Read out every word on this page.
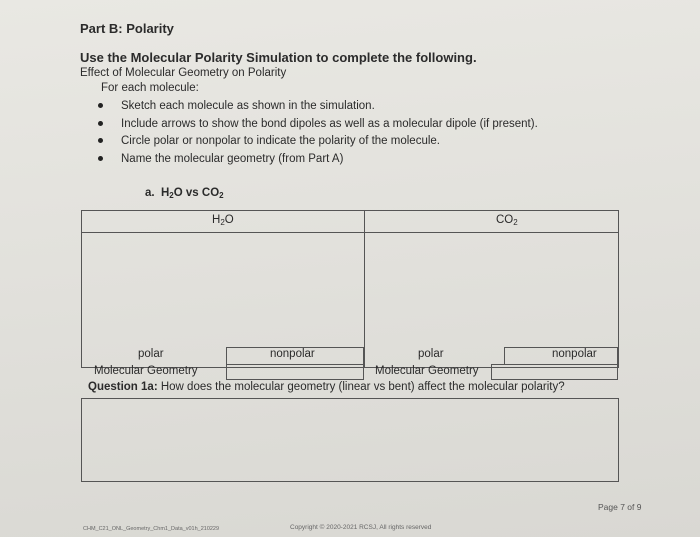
Part B: Polarity
Use the Molecular Polarity Simulation to complete the following.
Effect of Molecular Geometry on Polarity
For each molecule:
Sketch each molecule as shown in the simulation.
Include arrows to show the bond dipoles as well as a molecular dipole (if present).
Circle polar or nonpolar to indicate the polarity of the molecule.
Name the molecular geometry (from Part A)
a. $H_2O$ vs $CO_2$
$H_2O$	$CO_2$
polar	nonpolar	polar	nonpolar
Molecular Geometry	Molecular Geometry
Question 1a: How does the molecular geometry (linear vs bent) affect the molecular polarity?
Page 7 of 9
CHM_C21_ONL_Geometry_Chm1_Data_v01h_210229	Copyright © 2020-2021 RCSJ, All rights reserved
